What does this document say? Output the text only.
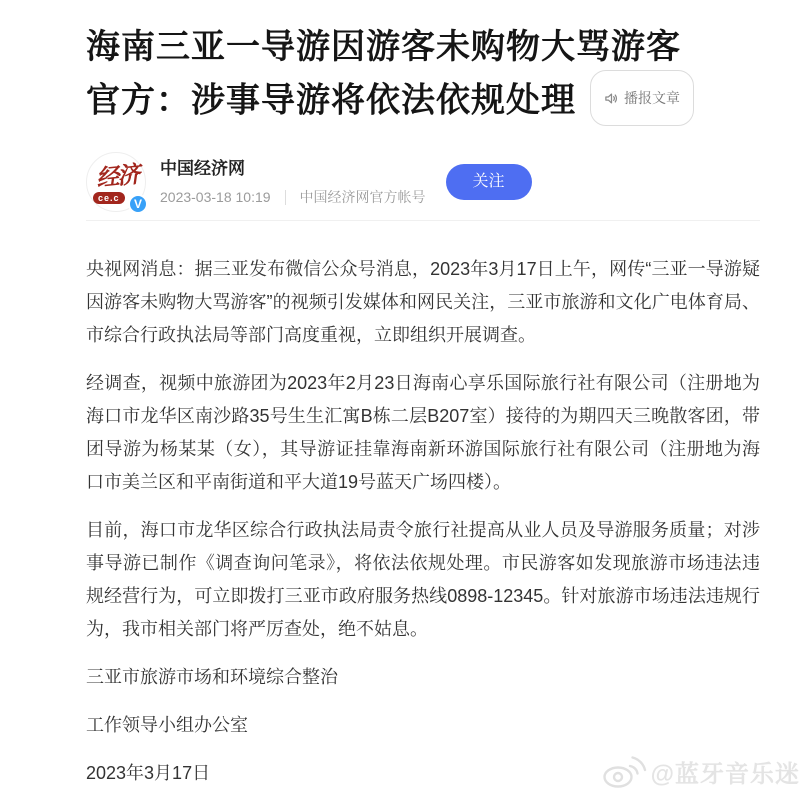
海南三亚一导游因游客未购物大骂游客
官方：涉事导游将依法依规处理	播报文章
经济
ce.c	V
中国经济网
2023-03-18 10:19 中国经济网官方帐号
关注

央视网消息：据三亚发布微信公众号消息，2023年3月17日上午，网传“三亚一导游疑因游客未购物大骂游客”的视频引发媒体和网民关注，三亚市旅游和文化广电体育局、市综合行政执法局等部门高度重视，立即组织开展调查。

经调查，视频中旅游团为2023年2月23日海南心享乐国际旅行社有限公司（注册地为海口市龙华区南沙路35号生生汇寓B栋二层B207室）接待的为期四天三晚散客团，带团导游为杨某某（女），其导游证挂靠海南新环游国际旅行社有限公司（注册地为海口市美兰区和平南街道和平大道19号蓝天广场四楼）。

目前，海口市龙华区综合行政执法局责令旅行社提高从业人员及导游服务质量；对涉事导游已制作《调查询问笔录》，将依法依规处理。市民游客如发现旅游市场违法违规经营行为，可立即拨打三亚市政府服务热线0898-12345。针对旅游市场违法违规行为，我市相关部门将严厉查处，绝不姑息。

三亚市旅游市场和环境综合整治

工作领导小组办公室

2023年3月17日	@蓝牙音乐迷
